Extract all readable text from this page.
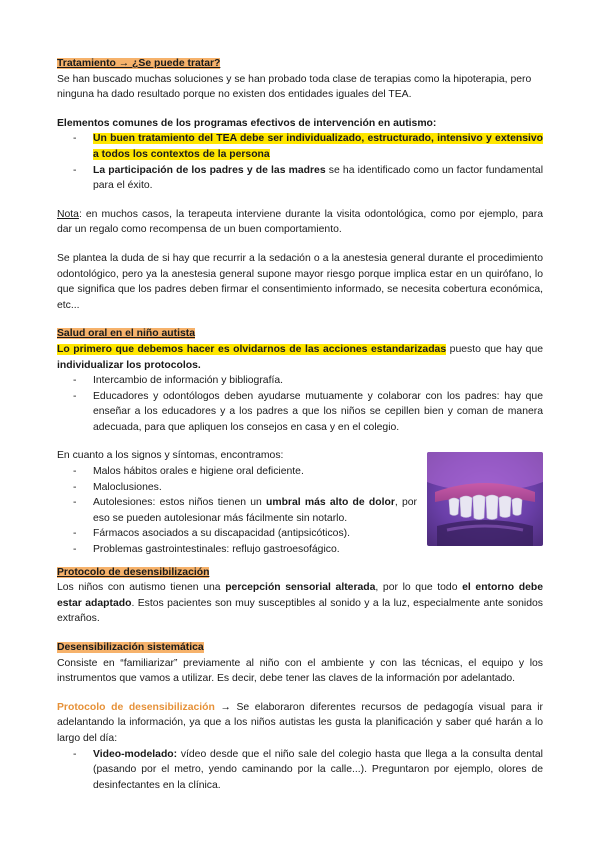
Tratamiento → ¿Se puede tratar?

Se han buscado muchas soluciones y se han probado toda clase de terapias como la hipoterapia, pero ninguna ha dado resultado porque no existen dos entidades iguales del TEA.

Elementos comunes de los programas efectivos de intervención en autismo:

- Un buen tratamiento del TEA debe ser individualizado, estructurado, intensivo y extensivo a todos los contextos de la persona
- La participación de los padres y de las madres se ha identificado como un factor fundamental para el éxito.

Nota: en muchos casos, la terapeuta interviene durante la visita odontológica, como por ejemplo, para dar un regalo como recompensa de un buen comportamiento.

Se plantea la duda de si hay que recurrir a la sedación o a la anestesia general durante el procedimiento odontológico, pero ya la anestesia general supone mayor riesgo porque implica estar en un quirófano, lo que significa que los padres deben firmar el consentimiento informado, se necesita cobertura económica, etc...

Salud oral en el niño autista

Lo primero que debemos hacer es olvidarnos de las acciones estandarizadas puesto que hay que individualizar los protocolos.

- Intercambio de información y bibliografía.
- Educadores y odontólogos deben ayudarse mutuamente y colaborar con los padres: hay que enseñar a los educadores y a los padres a que los niños se cepillen bien y coman de manera adecuada, para que apliquen los consejos en casa y en el colegio.

En cuanto a los signos y síntomas, encontramos:

- Malos hábitos orales e higiene oral deficiente.
- Maloclusiones.
- Autolesiones: estos niños tienen un umbral más alto de dolor, por eso se pueden autolesionar más fácilmente sin notarlo.
- Fármacos asociados a su discapacidad (antipsicóticos).
- Problemas gastrointestinales: reflujo gastroesofágico.

Protocolo de desensibilización

Los niños con autismo tienen una percepción sensorial alterada, por lo que todo el entorno debe estar adaptado. Estos pacientes son muy susceptibles al sonido y a la luz, especialmente ante sonidos extraños.

Desensibilización sistemática

Consiste en “familiarizar” previamente al niño con el ambiente y con las técnicas, el equipo y los instrumentos que vamos a utilizar. Es decir, debe tener las claves de la información por adelantado.

Protocolo de desensibilización → Se elaboraron diferentes recursos de pedagogía visual para ir adelantando la información, ya que a los niños autistas les gusta la planificación y saber qué harán a lo largo del día:

- Video-modelado: vídeo desde que el niño sale del colegio hasta que llega a la consulta dental (pasando por el metro, yendo caminando por la calle...). Preguntaron por ejemplo, olores de desinfectantes en la clínica.
